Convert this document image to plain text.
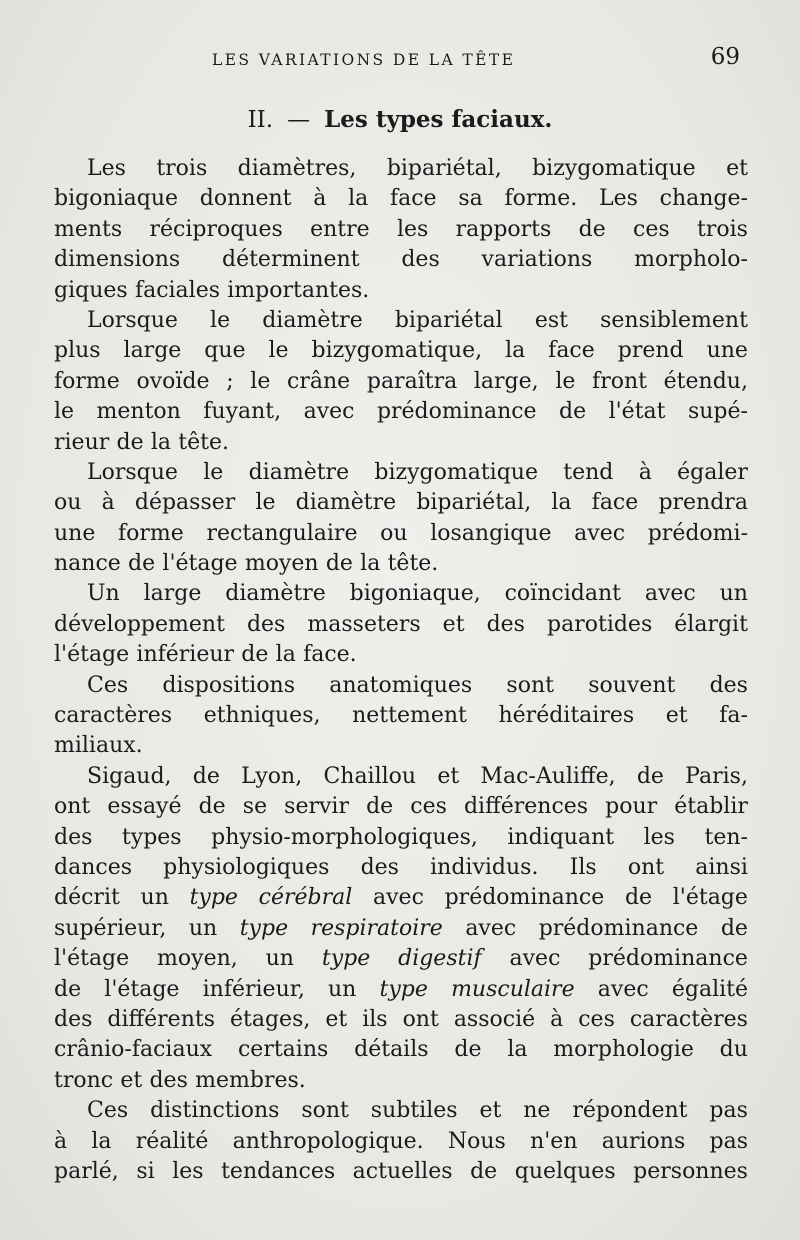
LES VARIATIONS DE LA TÊTE	69
II. — Les types faciaux.
Les trois diamètres, bipariétal, bizygomatique et
bigoniaque donnent à la face sa forme. Les change-
ments réciproques entre les rapports de ces trois
dimensions déterminent des variations morpholo-
giques faciales importantes.
Lorsque le diamètre bipariétal est sensiblement
plus large que le bizygomatique, la face prend une
forme ovoïde ; le crâne paraîtra large, le front étendu,
le menton fuyant, avec prédominance de l'état supé-
rieur de la tête.
Lorsque le diamètre bizygomatique tend à égaler
ou à dépasser le diamètre bipariétal, la face prendra
une forme rectangulaire ou losangique avec prédomi-
nance de l'étage moyen de la tête.
Un large diamètre bigoniaque, coïncidant avec un
développement des masseters et des parotides élargit
l'étage inférieur de la face.
Ces dispositions anatomiques sont souvent des
caractères ethniques, nettement héréditaires et fa-
miliaux.
Sigaud, de Lyon, Chaillou et Mac-Auliffe, de Paris,
ont essayé de se servir de ces différences pour établir
des types physio-morphologiques, indiquant les ten-
dances physiologiques des individus. Ils ont ainsi
décrit un type cérébral avec prédominance de l'étage
supérieur, un type respiratoire avec prédominance de
l'étage moyen, un type digestif avec prédominance
de l'étage inférieur, un type musculaire avec égalité
des différents étages, et ils ont associé à ces caractères
crânio-faciaux certains détails de la morphologie du
tronc et des membres.
Ces distinctions sont subtiles et ne répondent pas
à la réalité anthropologique. Nous n'en aurions pas
parlé, si les tendances actuelles de quelques personnes
